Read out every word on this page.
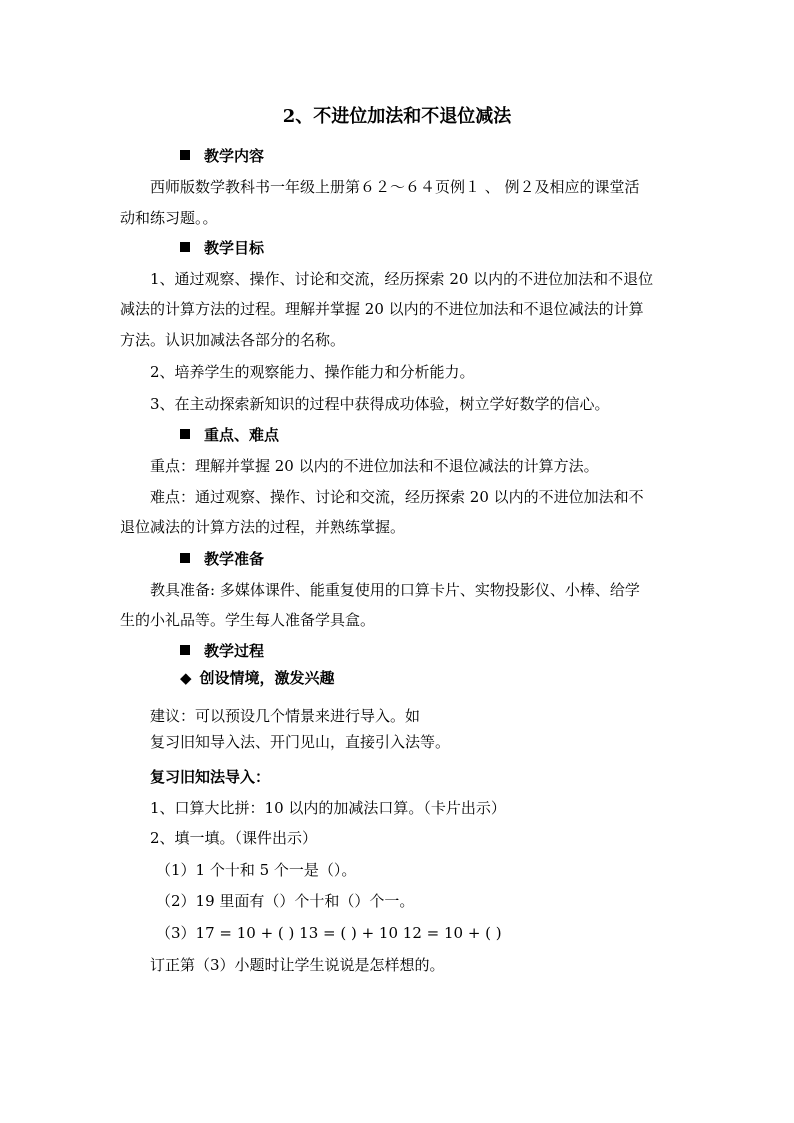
2、不进位加法和不退位减法
教学内容
西师版数学教科书一年级上册第６２～６４页例１ 、 例２及相应的课堂活
动和练习题。。
教学目标
1、通过观察、操作、讨论和交流，经历探索 20 以内的不进位加法和不退位
减法的计算方法的过程。理解并掌握 20 以内的不进位加法和不退位减法的计算
方法。认识加减法各部分的名称。
2、培养学生的观察能力、操作能力和分析能力。
3、在主动探索新知识的过程中获得成功体验，树立学好数学的信心。
重点、难点
重点：理解并掌握 20 以内的不进位加法和不退位减法的计算方法。
难点：通过观察、操作、讨论和交流，经历探索 20 以内的不进位加法和不
退位减法的计算方法的过程，并熟练掌握。
教学准备
教具准备: 多媒体课件、能重复使用的口算卡片、实物投影仪、小棒、给学
生的小礼品等。学生每人准备学具盒。
教学过程
◆ 创设情境，激发兴趣
建议：可以预设几个情景来进行导入。如
复习旧知导入法、开门见山，直接引入法等。
复习旧知法导入：
1、口算大比拼：10 以内的加减法口算。（卡片出示）
2、填一填。（课件出示）
（1）1 个十和 5 个一是（）。
（2）19 里面有（）个十和（）个一。
（3）17 = 10 + ( ) 13 = ( ) + 10 12 = 10 + ( )
订正第（3）小题时让学生说说是怎样想的。
